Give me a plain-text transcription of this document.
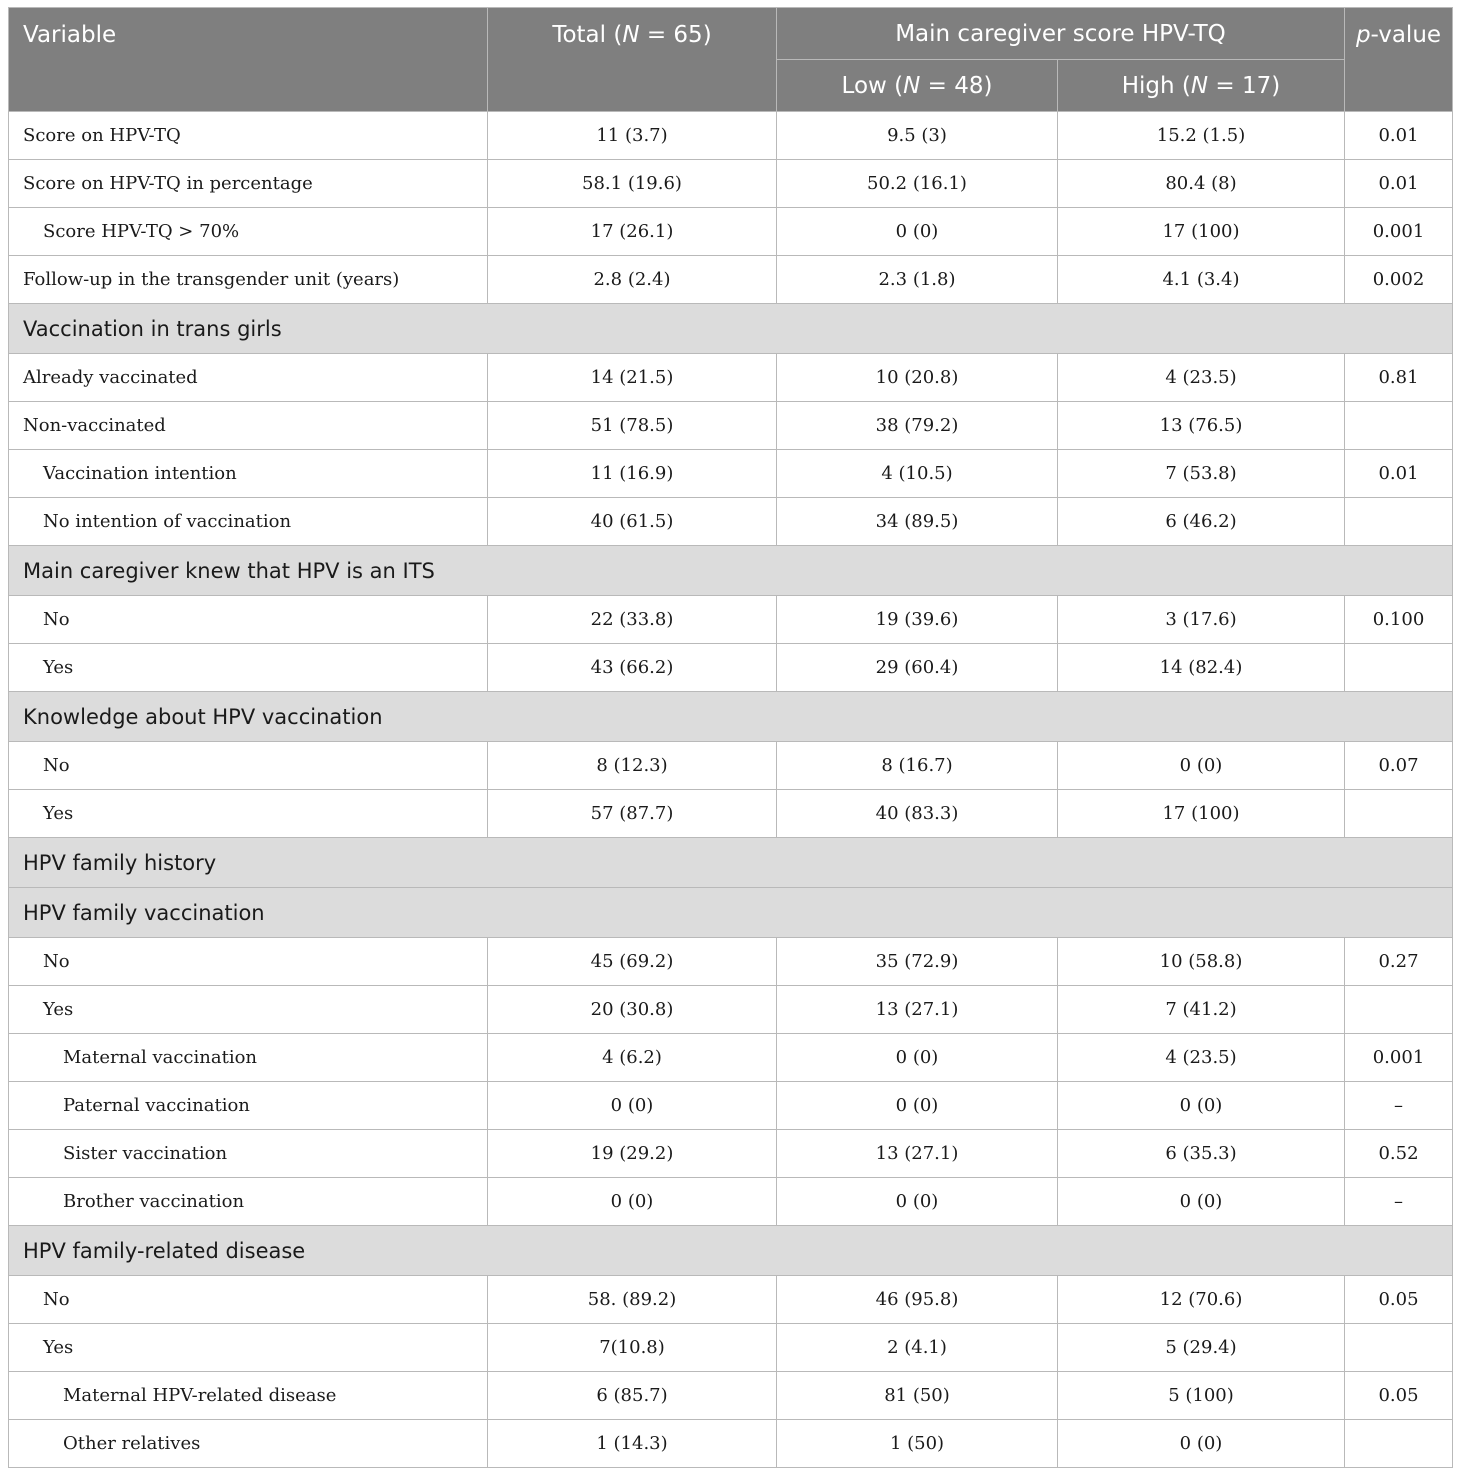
Variable	Total (N = 65)	Main caregiver score HPV-TQ		p-value
		Low (N = 48)	High (N = 17)	
Score on HPV-TQ	11 (3.7)	9.5 (3)	15.2 (1.5)	0.01
Score on HPV-TQ in percentage	58.1 (19.6)	50.2 (16.1)	80.4 (8)	0.01
Score HPV-TQ > 70%	17 (26.1)	0 (0)	17 (100)	0.001
Follow-up in the transgender unit (years)	2.8 (2.4)	2.3 (1.8)	4.1 (3.4)	0.002
Vaccination in trans girls				
Already vaccinated	14 (21.5)	10 (20.8)	4 (23.5)	0.81
Non-vaccinated	51 (78.5)	38 (79.2)	13 (76.5)	
Vaccination intention	11 (16.9)	4 (10.5)	7 (53.8)	0.01
No intention of vaccination	40 (61.5)	34 (89.5)	6 (46.2)	
Main caregiver knew that HPV is an ITS				
No	22 (33.8)	19 (39.6)	3 (17.6)	0.100
Yes	43 (66.2)	29 (60.4)	14 (82.4)	
Knowledge about HPV vaccination				
No	8 (12.3)	8 (16.7)	0 (0)	0.07
Yes	57 (87.7)	40 (83.3)	17 (100)	
HPV family history				
HPV family vaccination				
No	45 (69.2)	35 (72.9)	10 (58.8)	0.27
Yes	20 (30.8)	13 (27.1)	7 (41.2)	
Maternal vaccination	4 (6.2)	0 (0)	4 (23.5)	0.001
Paternal vaccination	0 (0)	0 (0)	0 (0)	–
Sister vaccination	19 (29.2)	13 (27.1)	6 (35.3)	0.52
Brother vaccination	0 (0)	0 (0)	0 (0)	–
HPV family-related disease				
No	58. (89.2)	46 (95.8)	12 (70.6)	0.05
Yes	7(10.8)	2 (4.1)	5 (29.4)	
Maternal HPV-related disease	6 (85.7)	81 (50)	5 (100)	0.05
Other relatives	1 (14.3)	1 (50)	0 (0)	
